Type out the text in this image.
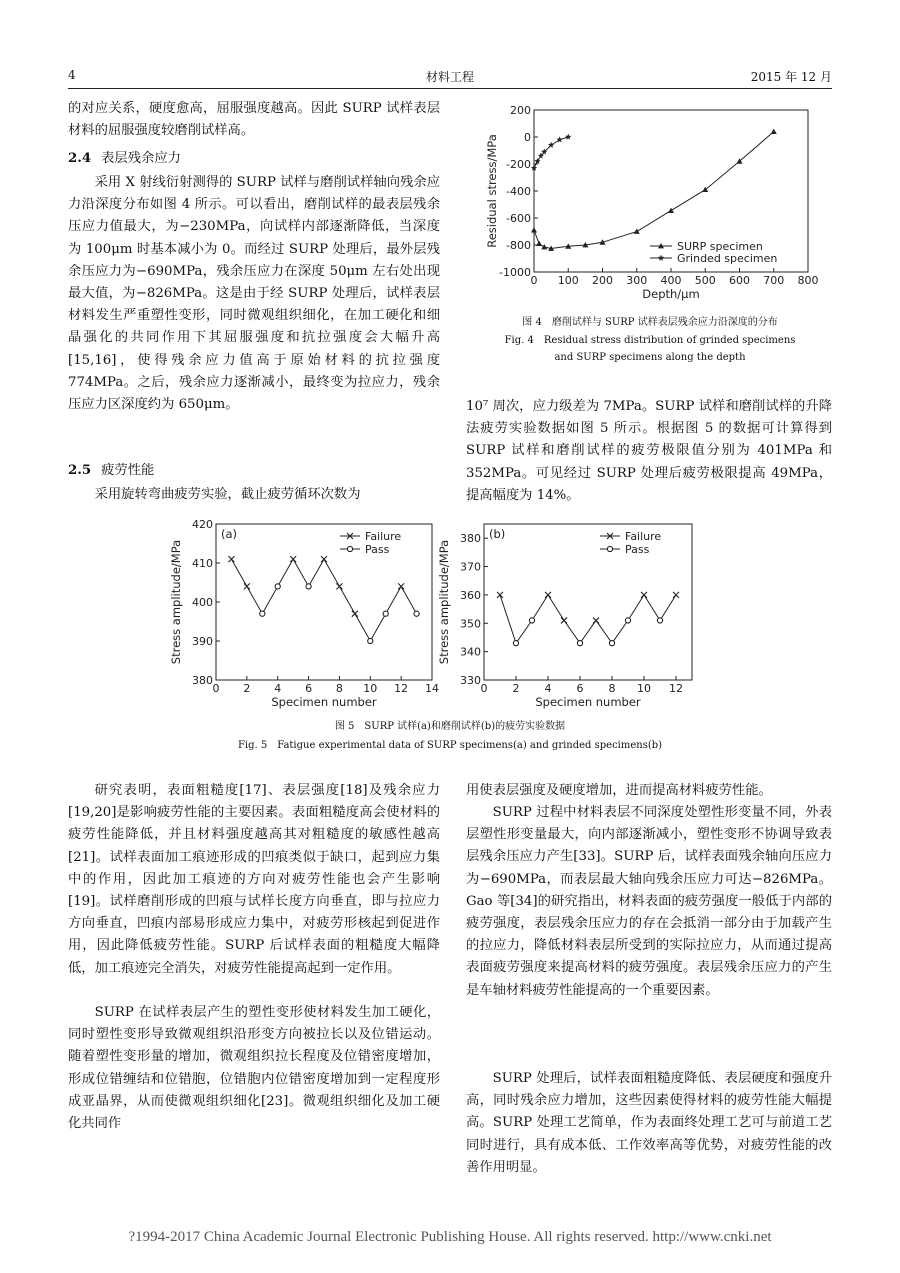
4	材料工程	2015 年 12 月
的对应关系，硬度愈高，屈服强度越高。因此 SURP 试样表层材料的屈服强度较磨削试样高。
2.4 表层残余应力
采用 X 射线衍射测得的 SURP 试样与磨削试样轴向残余应力沿深度分布如图 4 所示。可以看出，磨削试样的最表层残余压应力值最大，为−230MPa，向试样内部逐渐降低，当深度为 100μm 时基本减小为 0。而经过 SURP 处理后，最外层残余压应力为−690MPa，残余压应力在深度 50μm 左右处出现最大值，为−826MPa。这是由于经 SURP 处理后，试样表层材料发生严重塑性变形，同时微观组织细化，在加工硬化和细晶强化的共同作用下其屈服强度和抗拉强度会大幅升高[15,16]，使得残余应力值高于原始材料的抗拉强度 774MPa。之后，残余应力逐渐减小，最终变为拉应力，残余压应力区深度约为 650μm。
2.5 疲劳性能
采用旋转弯曲疲劳实验，截止疲劳循环次数为
0 100 200 300 400 500 600 700 800
200
0
-200
-400
-600
-800
-1000
Depth/μm
Residual stress/MPa	SURP specimen
Grinded specimen
图 4　磨削试样与 SURP 试样表层残余应力沿深度的分布
Fig. 4　Residual stress distribution of grinded specimens
and SURP specimens along the depth
10⁷ 周次，应力级差为 7MPa。SURP 试样和磨削试样的升降法疲劳实验数据如图 5 所示。根据图 5 的数据可计算得到 SURP 试样和磨削试样的疲劳极限值分别为 401MPa 和 352MPa。可见经过 SURP 处理后疲劳极限提高 49MPa，提高幅度为 14%。
0 2 4 6 8 10 12 14
380
390
400
410
420
Specimen number
Stress amplitude/MPa
(a)	Failure
Pass
0 2 4 6 8 10 12
330
340
350
360
370
380
Specimen number
Stress amplitude/MPa
(b)	Failure
Pass
图 5　SURP 试样(a)和磨削试样(b)的疲劳实验数据
Fig. 5　Fatigue experimental data of SURP specimens(a) and grinded specimens(b)
研究表明，表面粗糙度[17]、表层强度[18]及残余应力[19,20]是影响疲劳性能的主要因素。表面粗糙度高会使材料的疲劳性能降低，并且材料强度越高其对粗糙度的敏感性越高[21]。试样表面加工痕迹形成的凹痕类似于缺口，起到应力集中的作用，因此加工痕迹的方向对疲劳性能也会产生影响[19]。试样磨削形成的凹痕与试样长度方向垂直，即与拉应力方向垂直，凹痕内部易形成应力集中，对疲劳形核起到促进作用，因此降低疲劳性能。SURP 后试样表面的粗糙度大幅降低，加工痕迹完全消失，对疲劳性能提高起到一定作用。
SURP 在试样表层产生的塑性变形使材料发生加工硬化，同时塑性变形导致微观组织沿形变方向被拉长以及位错运动。随着塑性变形量的增加，微观组织拉长程度及位错密度增加，形成位错缠结和位错胞，位错胞内位错密度增加到一定程度形成亚晶界，从而使微观组织细化[23]。微观组织细化及加工硬化共同作
用使表层强度及硬度增加，进而提高材料疲劳性能。
SURP 过程中材料表层不同深度处塑性形变量不同，外表层塑性形变量最大，向内部逐渐减小，塑性变形不协调导致表层残余压应力产生[33]。SURP 后，试样表面残余轴向压应力为−690MPa，而表层最大轴向残余压应力可达−826MPa。Gao 等[34]的研究指出，材料表面的疲劳强度一般低于内部的疲劳强度，表层残余压应力的存在会抵消一部分由于加载产生的拉应力，降低材料表层所受到的实际拉应力，从而通过提高表面疲劳强度来提高材料的疲劳强度。表层残余压应力的产生是车轴材料疲劳性能提高的一个重要因素。
SURP 处理后，试样表面粗糙度降低、表层硬度和强度升高，同时残余应力增加，这些因素使得材料的疲劳性能大幅提高。SURP 处理工艺简单，作为表面终处理工艺可与前道工艺同时进行，具有成本低、工作效率高等优势，对疲劳性能的改善作用明显。
?1994-2017 China Academic Journal Electronic Publishing House. All rights reserved. http://www.cnki.net
